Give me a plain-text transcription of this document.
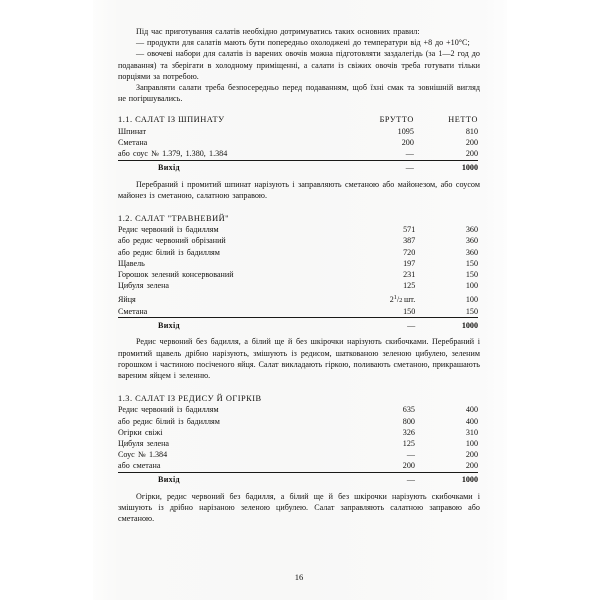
Під час приготування салатів необхідно дотримуватись таких основних правил:

— продукти для салатів мають бути попередньо охолоджені до температури від +8 до +10°C;

— овочеві набори для салатів із варених овочів можна підготовляти заздалегідь (за 1—2 год до подавання) та зберігати в холодному приміщенні, а салати із свіжих овочів треба готувати тільки порціями за потребою.

Заправляти салати треба безпосередньо перед подаванням, щоб їхні смак та зовнішній вигляд не погіршувались.

1.1. САЛАТ ІЗ ШПИНАТУ	БРУТТО	НЕТТО
Шпинат	1095	810
Сметана	200	200
або соус № 1.379, 1.380, 1.384	—	200
Вихід	—	1000

Перебраний і промитий шпинат нарізують і заправляють сметаною або майонезом, або соусом майонез із сметаною, салатною заправою.

1.2. САЛАТ "ТРАВНЕВИЙ"		
Редис червоний із бадиллям	571	360
або редис червоний обрізаний	387	360
або редис білий із бадиллям	720	360
Щавель	197	150
Горошок зелений консервований	231	150
Цибуля зелена	125	100
Яйця	$2^1/2$ шт.	100
Сметана	150	150
Вихід	—	1000

Редис червоний без бадилля, а білий ще й без шкірочки нарізують скибочками. Перебраний і промитий щавель дрібно нарізують, змішують із редисом, шаткованою зеленою цибулею, зеленим горошком і частиною посіченого яйця. Салат викладають гіркою, поливають сметаною, прикрашають вареним яйцем і зеленню.

1.3. САЛАТ ІЗ РЕДИСУ Й ОГІРКІВ		
Редис червоний із бадиллям	635	400
або редис білий із бадиллям	800	400
Огірки свіжі	326	310
Цибуля зелена	125	100
Соус № 1.384	—	200
або сметана	200	200
Вихід	—	1000

Огірки, редис червоний без бадилля, а білий ще й без шкірочки нарізують скибочками і змішують із дрібно нарізаною зеленою цибулею. Салат заправляють салатною заправою або сметаною.

16
